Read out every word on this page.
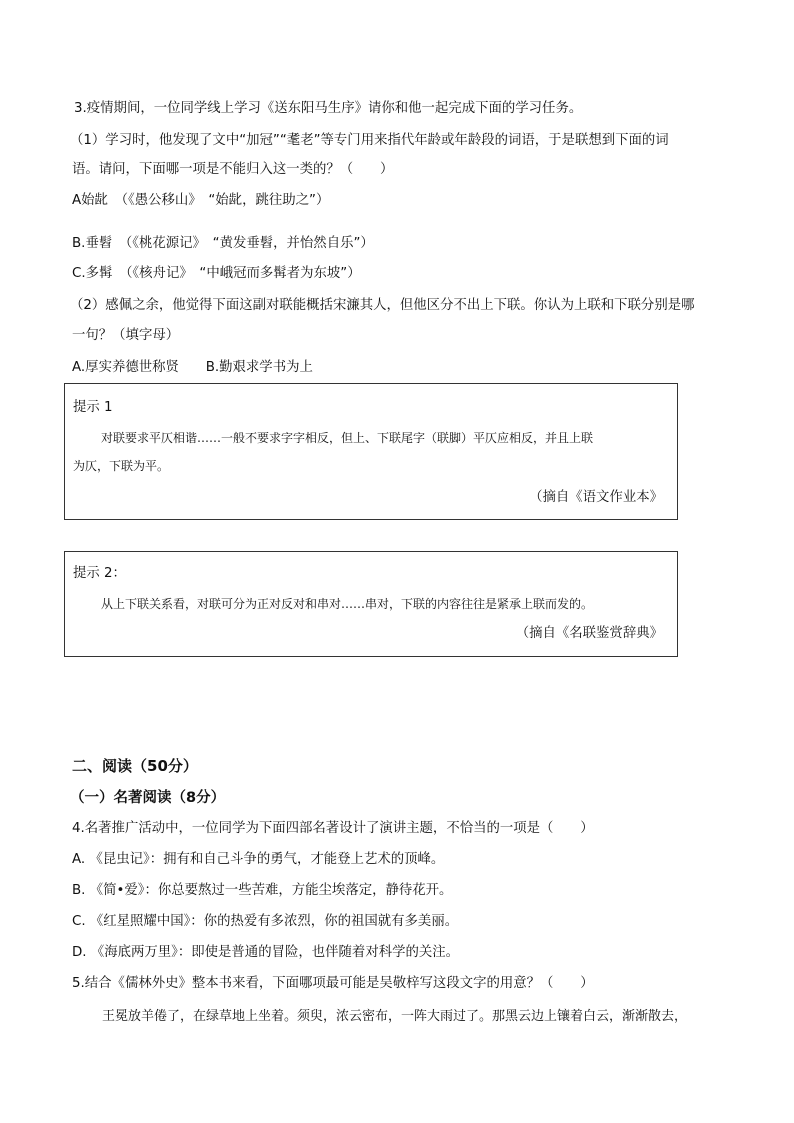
3.疫情期间，一位同学线上学习《送东阳马生序》请你和他一起完成下面的学习任务。
（1）学习时，他发现了文中“加冠”“耄老”等专门用来指代年龄或年龄段的词语，于是联想到下面的词
语。请问，下面哪一项是不能归入这一类的？（　　）
A始龀　（《愚公移山》　“始龀，跳往助之”）
B.垂髫　（《桃花源记》　“黄发垂髫，并怡然自乐”）
C.多髯　（《核舟记》　“中峨冠而多髯者为东坡”）
（2）感佩之余，他觉得下面这副对联能概括宋濂其人，但他区分不出上下联。你认为上联和下联分别是哪
一句？（填字母）
A.厚实养德世称贤　　B.勤艰求学书为上
提示 1
对联要求平仄相谐……一般不要求字字相反，但上、下联尾字（联脚）平仄应相反，并且上联
为仄，下联为平。
（摘自《语文作业本》
提示 2：
从上下联关系看，对联可分为正对反对和串对……串对，下联的内容往往是紧承上联而发的。
（摘自《名联鉴赏辞典》
二、阅读（50分）
（一）名著阅读（8分）
4.名著推广活动中，一位同学为下面四部名著设计了演讲主题，不恰当的一项是（　　）
A. 《昆虫记》：拥有和自己斗争的勇气，才能登上艺术的顶峰。
B. 《简•爱》：你总要熬过一些苦难，方能尘埃落定，静待花开。
C. 《红星照耀中国》：你的热爱有多浓烈，你的祖国就有多美丽。
D. 《海底两万里》：即使是普通的冒险，也伴随着对科学的关注。
5.结合《儒林外史》整本书来看，下面哪项最可能是吴敬梓写这段文字的用意？（　　）
王冕放羊倦了，在绿草地上坐着。须臾，浓云密布，一阵大雨过了。那黑云边上镶着白云，渐渐散去，
